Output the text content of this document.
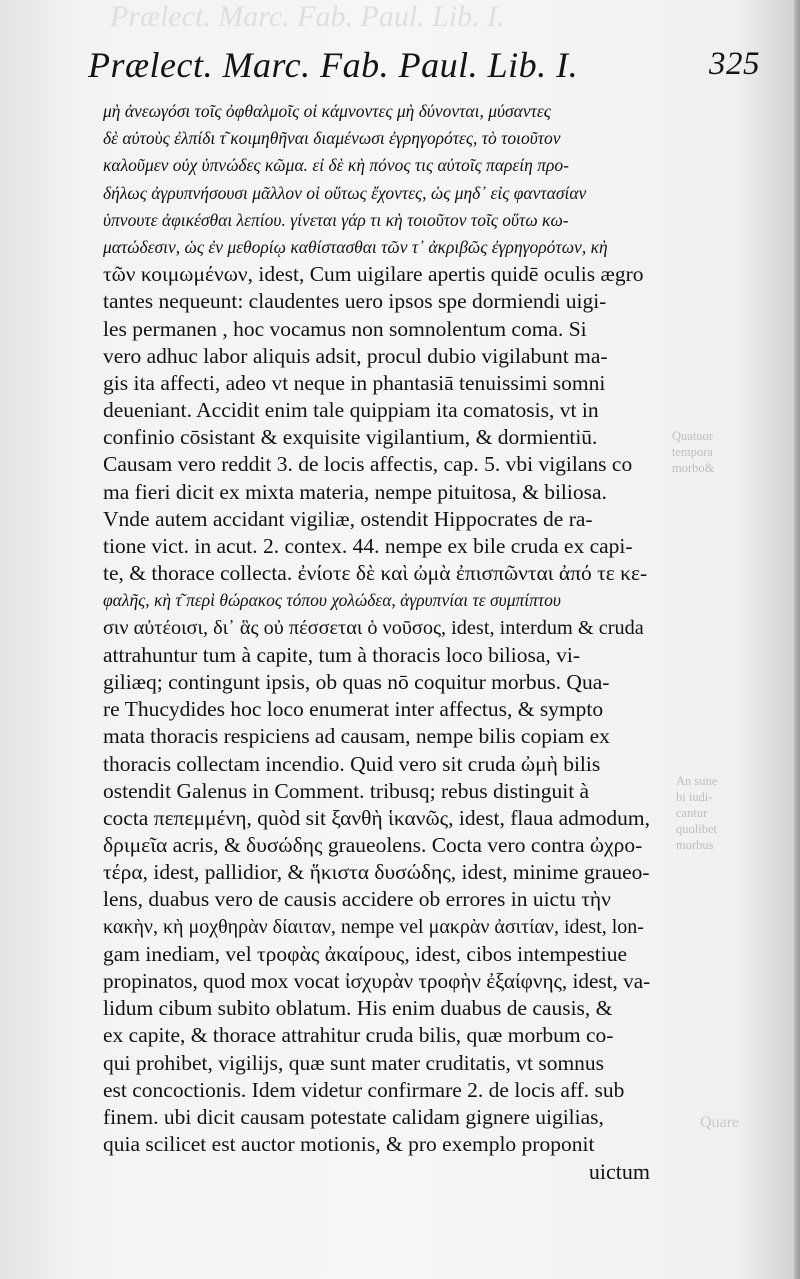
Prælect. Marc. Fab. Paul. Lib. I.
Prælect. Marc. Fab. Paul. Lib. I.	325
μὴ ἀνεωγόσι τοῖς ὀφθαλμοῖς οἱ κάμνοντες μὴ δύνονται, μύσαντες
δὲ αὐτοὺς ἐλπίδι τ͂ κοιμηθῆναι διαμένωσι ἐγρηγορότες, τὸ τοιοῦτον
καλοῦμεν οὐχ ὑπνώδες κῶμα. εἰ δὲ κὴ πόνος τις αὐτοῖς παρείη προ-
δήλως ἀγρυπνήσουσι μᾶλλον οἱ οὕτως ἔχοντες, ὡς μηδ᾽ εἰς φαντασίαν
ὑπνουτε ἀφικέσθαι λεπίου. γίνεται γάρ τι κὴ τοιοῦτον τοῖς οὕτω κω-
ματώδεσιν, ὡς ἐν μεθορίῳ καθίστασθαι τῶν τ᾽ ἀκριβῶς ἐγρηγορότων, κὴ
τῶν κοιμωμένων, idest, Cum uigilare apertis quidē oculis ægro
tantes nequeunt: claudentes uero ipsos spe dormiendi uigi-
les permanen , hoc vocamus non somnolentum coma. Si
vero adhuc labor aliquis adsit, procul dubio vigilabunt ma-
gis ita affecti, adeo vt neque in phantasiā tenuissimi somni
deueniant. Accidit enim tale quippiam ita comatosis, vt in
confinio cōsistant & exquisite vigilantium, & dormientiū.
Causam vero reddit 3. de locis affectis, cap. 5. vbi vigilans co
ma fieri dicit ex mixta materia, nempe pituitosa, & biliosa.
Vnde autem accidant vigiliæ, ostendit Hippocrates de ra-
tione vict. in acut. 2. contex. 44. nempe ex bile cruda ex capi-
te, & thorace collecta. ἐνίοτε δὲ καὶ ὠμὰ ἐπισπῶνται ἀπό τε κε-
φαλῆς, κὴ τ͂ περὶ θώρακος τόπου χολώδεα, ἀγρυπνίαι τε συμπίπτου
σιν αὐτέοισι, δι᾽ ἃς οὐ πέσσεται ὁ νοῦσος, idest, interdum & cruda
attrahuntur tum à capite, tum à thoracis loco biliosa, vi-
giliæq; contingunt ipsis, ob quas nō coquitur morbus. Qua-
re Thucydides hoc loco enumerat inter affectus, & sympto
mata thoracis respiciens ad causam, nempe bilis copiam ex
thoracis collectam incendio. Quid vero sit cruda ὠμὴ bilis
ostendit Galenus in Comment. tribusq; rebus distinguit à
cocta πεπεμμένη, quòd sit ξανθὴ ἱκανῶς, idest, flaua admodum,
δριμεῖα acris, & δυσώδης graueolens. Cocta vero contra ὠχρο-
τέρα, idest, pallidior, & ἥκιστα δυσώδης, idest, minime graueo-
lens, duabus vero de causis accidere ob errores in uictu τὴν
κακὴν, κὴ μοχθηρὰν δίαιταν, nempe vel μακρὰν ἀσιτίαν, idest, lon-
gam inediam, vel τροφὰς ἀκαίρους, idest, cibos intempestiue
propinatos, quod mox vocat ἰσχυρὰν τροφὴν ἐξαίφνης, idest, va-
lidum cibum subito oblatum. His enim duabus de causis, &
ex capite, & thorace attrahitur cruda bilis, quæ morbum co-
qui prohibet, vigilijs, quæ sunt mater cruditatis, vt somnus
est concoctionis. Idem videtur confirmare 2. de locis aff. sub
finem. ubi dicit causam potestate calidam gignere uigilias,
quia scilicet est auctor motionis, & pro exemplo proponit
uictum
Quatuor
tempora
morbo&
An sune
bi iudi-
cantur
quolibet
morbus
Quare
